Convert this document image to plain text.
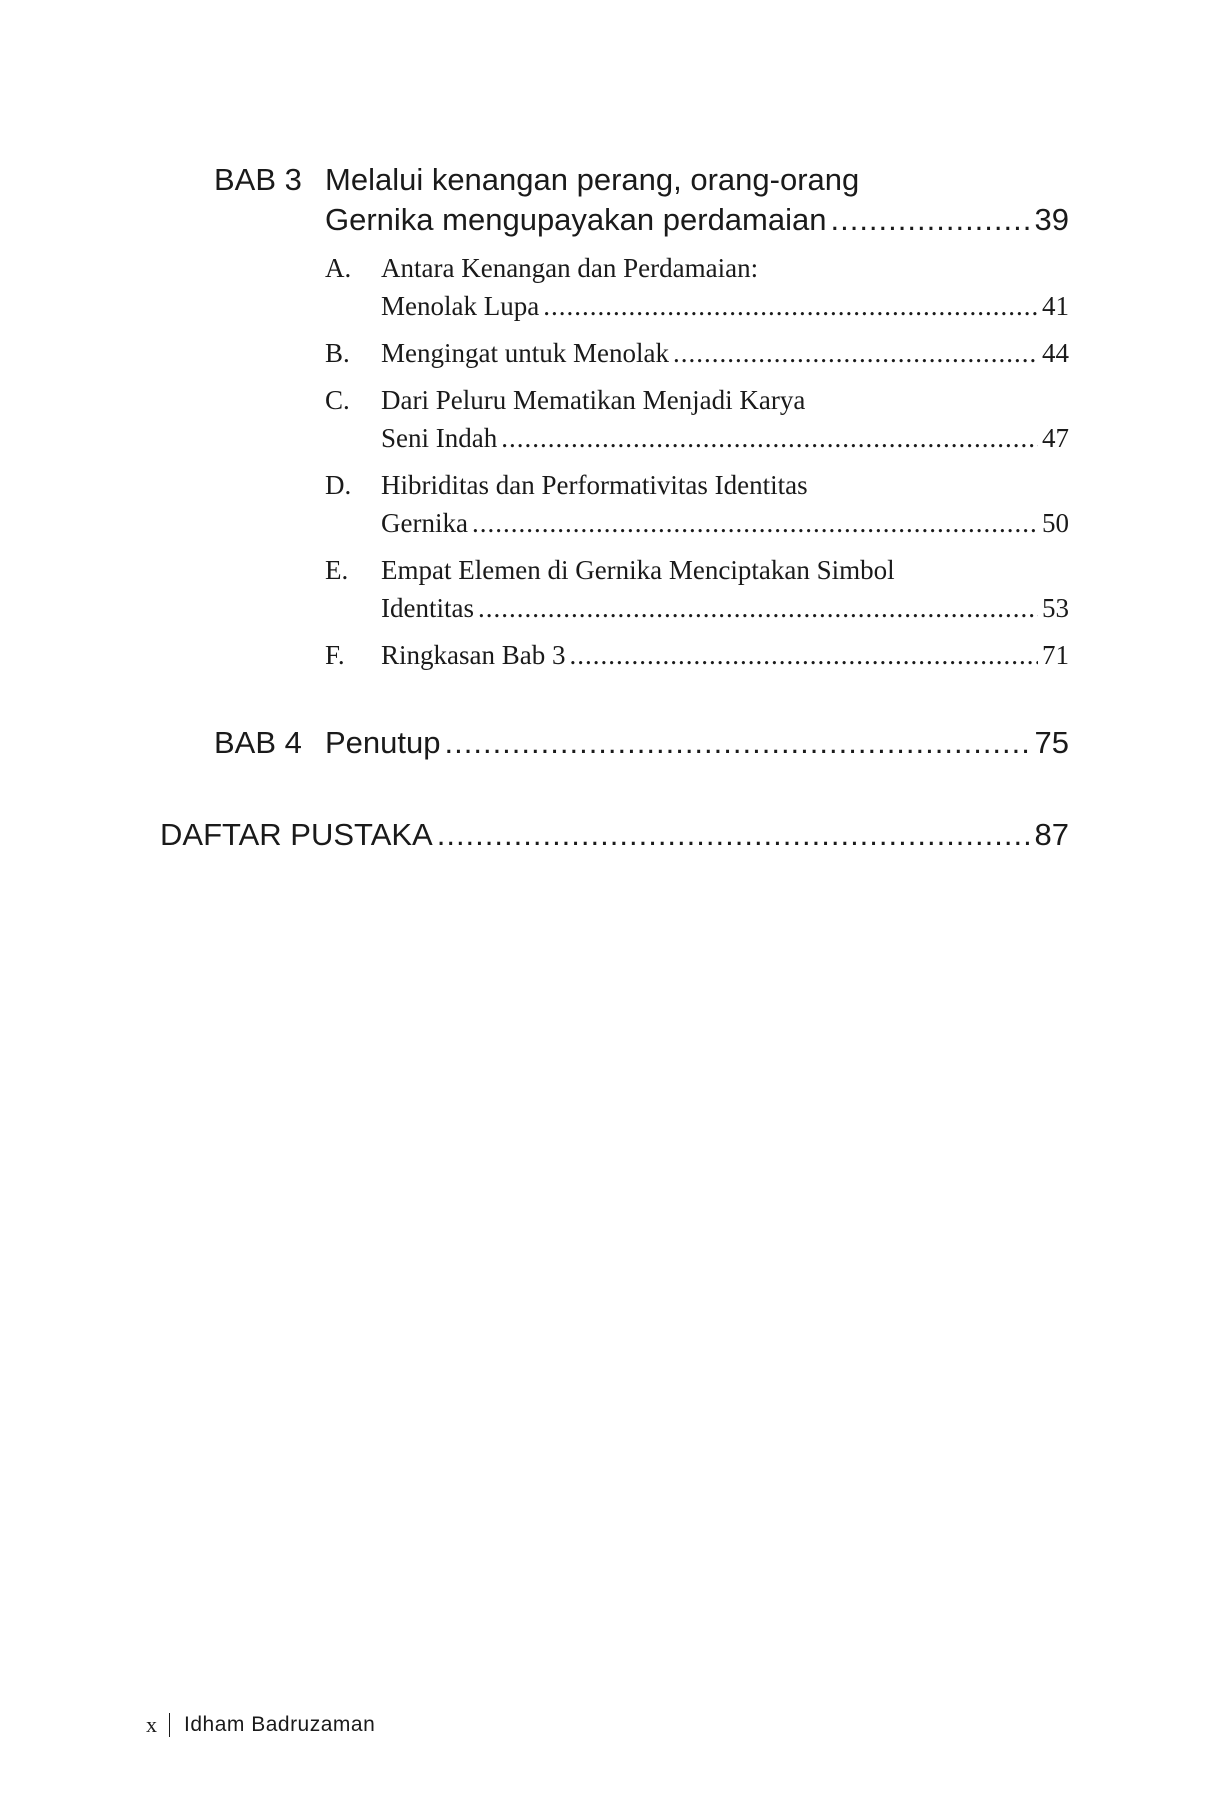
BAB 3 Melalui kenangan perang, orang-orang
Gernika mengupayakan perdamaian .....	39
A.	Antara Kenangan dan Perdamaian:
Menolak Lupa .....	41
B.	Mengingat untuk Menolak .....	44
C.	Dari Peluru Mematikan Menjadi Karya
Seni Indah .....	47
D.	Hibriditas dan Performativitas Identitas
Gernika .....	50
E.	Empat Elemen di Gernika Menciptakan Simbol
Identitas .....	53
F.	Ringkasan Bab 3 .....	71
BAB 4 Penutup .....	75
DAFTAR PUSTAKA .....	87
x Idham Badruzaman
